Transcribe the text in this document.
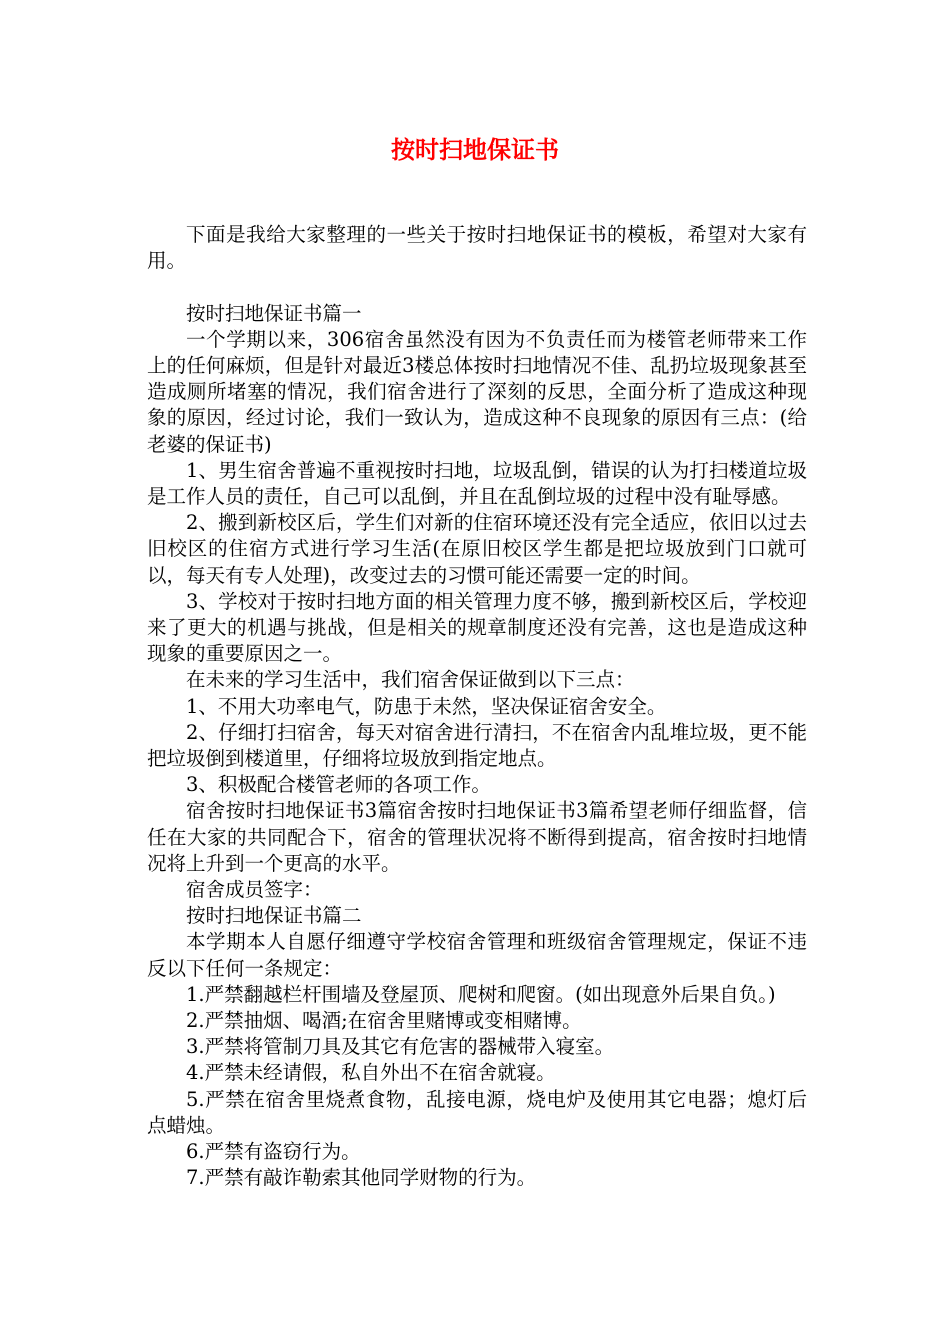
按时扫地保证书

下面是我给大家整理的一些关于按时扫地保证书的模板，希望对大家有用。

按时扫地保证书篇一

一个学期以来，306宿舍虽然没有因为不负责任而为楼管老师带来工作上的任何麻烦，但是针对最近3楼总体按时扫地情况不佳、乱扔垃圾现象甚至造成厕所堵塞的情况，我们宿舍进行了深刻的反思，全面分析了造成这种现象的原因，经过讨论，我们一致认为，造成这种不良现象的原因有三点：(给老婆的保证书)

1、男生宿舍普遍不重视按时扫地，垃圾乱倒，错误的认为打扫楼道垃圾是工作人员的责任，自己可以乱倒，并且在乱倒垃圾的过程中没有耻辱感。

2、搬到新校区后，学生们对新的住宿环境还没有完全适应，依旧以过去旧校区的住宿方式进行学习生活(在原旧校区学生都是把垃圾放到门口就可以，每天有专人处理)，改变过去的习惯可能还需要一定的时间。

3、学校对于按时扫地方面的相关管理力度不够，搬到新校区后，学校迎来了更大的机遇与挑战，但是相关的规章制度还没有完善，这也是造成这种现象的重要原因之一。

在未来的学习生活中，我们宿舍保证做到以下三点：

1、不用大功率电气，防患于未然，坚决保证宿舍安全。

2、仔细打扫宿舍，每天对宿舍进行清扫，不在宿舍内乱堆垃圾，更不能把垃圾倒到楼道里，仔细将垃圾放到指定地点。

3、积极配合楼管老师的各项工作。

宿舍按时扫地保证书3篇宿舍按时扫地保证书3篇希望老师仔细监督，信任在大家的共同配合下，宿舍的管理状况将不断得到提高，宿舍按时扫地情况将上升到一个更高的水平。

宿舍成员签字：

按时扫地保证书篇二

本学期本人自愿仔细遵守学校宿舍管理和班级宿舍管理规定，保证不违反以下任何一条规定：

1.严禁翻越栏杆围墙及登屋顶、爬树和爬窗。(如出现意外后果自负。)

2.严禁抽烟、喝酒;在宿舍里赌博或变相赌博。

3.严禁将管制刀具及其它有危害的器械带入寝室。

4.严禁未经请假，私自外出不在宿舍就寝。

5.严禁在宿舍里烧煮食物，乱接电源，烧电炉及使用其它电器；熄灯后点蜡烛。

6.严禁有盗窃行为。

7.严禁有敲诈勒索其他同学财物的行为。
